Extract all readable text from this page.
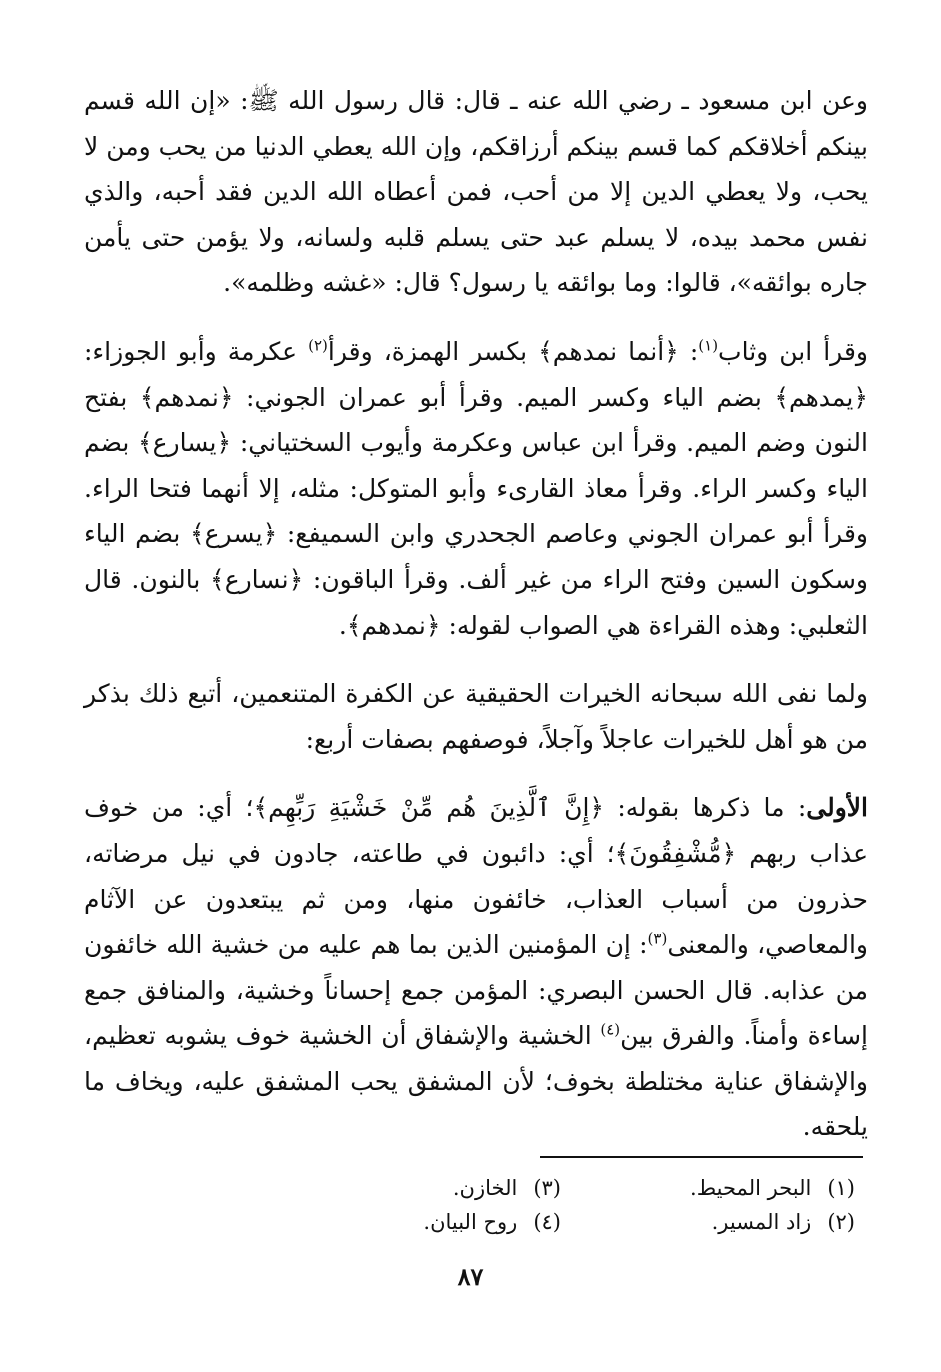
وعن ابن مسعود ـ رضي الله عنه ـ قال: قال رسول الله ﷺ: «إن الله قسم بينكم أخلاقكم كما قسم بينكم أرزاقكم، وإن الله يعطي الدنيا من يحب ومن لا يحب، ولا يعطي الدين إلا من أحب، فمن أعطاه الله الدين فقد أحبه، والذي نفس محمد بيده، لا يسلم عبد حتى يسلم قلبه ولسانه، ولا يؤمن حتى يأمن جاره بوائقه»، قالوا: وما بوائقه يا رسول؟ قال: «غشه وظلمه».

وقرأ ابن وثاب$^{(١)}$: ﴿أنما نمدهم﴾ بكسر الهمزة، وقرأ$^{(٢)}$ عكرمة وأبو الجوزاء: ﴿يمدهم﴾ بضم الياء وكسر الميم. وقرأ أبو عمران الجوني: ﴿نمدهم﴾ بفتح النون وضم الميم. وقرأ ابن عباس وعكرمة وأيوب السختياني: ﴿يسارع﴾ بضم الياء وكسر الراء. وقرأ معاذ القارىء وأبو المتوكل: مثله، إلا أنهما فتحا الراء. وقرأ أبو عمران الجوني وعاصم الجحدري وابن السميفع: ﴿يسرع﴾ بضم الياء وسكون السين وفتح الراء من غير ألف. وقرأ الباقون: ﴿نسارع﴾ بالنون. قال الثعلبي: وهذه القراءة هي الصواب لقوله: ﴿نمدهم﴾.

ولما نفى الله سبحانه الخيرات الحقيقية عن الكفرة المتنعمين، أتبع ذلك بذكر من هو أهل للخيرات عاجلاً وآجلاً، فوصفهم بصفات أربع:

الأولى: ما ذكرها بقوله: ﴿إِنَّ ٱلَّذِينَ هُم مِّنْ خَشْيَةِ رَبِّهِم﴾؛ أي: من خوف عذاب ربهم ﴿مُّشْفِقُونَ﴾؛ أي: دائبون في طاعته، جادون في نيل مرضاته، حذرون من أسباب العذاب، خائفون منها، ومن ثم يبتعدون عن الآثام والمعاصي، والمعنى$^{(٣)}$: إن المؤمنين الذين بما هم عليه من خشية الله خائفون من عذابه. قال الحسن البصري: المؤمن جمع إحساناً وخشية، والمنافق جمع إساءة وأمناً. والفرق بين$^{(٤)}$ الخشية والإشفاق أن الخشية خوف يشوبه تعظيم، والإشفاق عناية مختلطة بخوف؛ لأن المشفق يحب المشفق عليه، ويخاف ما يلحقه.

(١)البحر المحيط.
(٢)زاد المسير.
(٣)الخازن.
(٤)روح البيان.
٨٧
